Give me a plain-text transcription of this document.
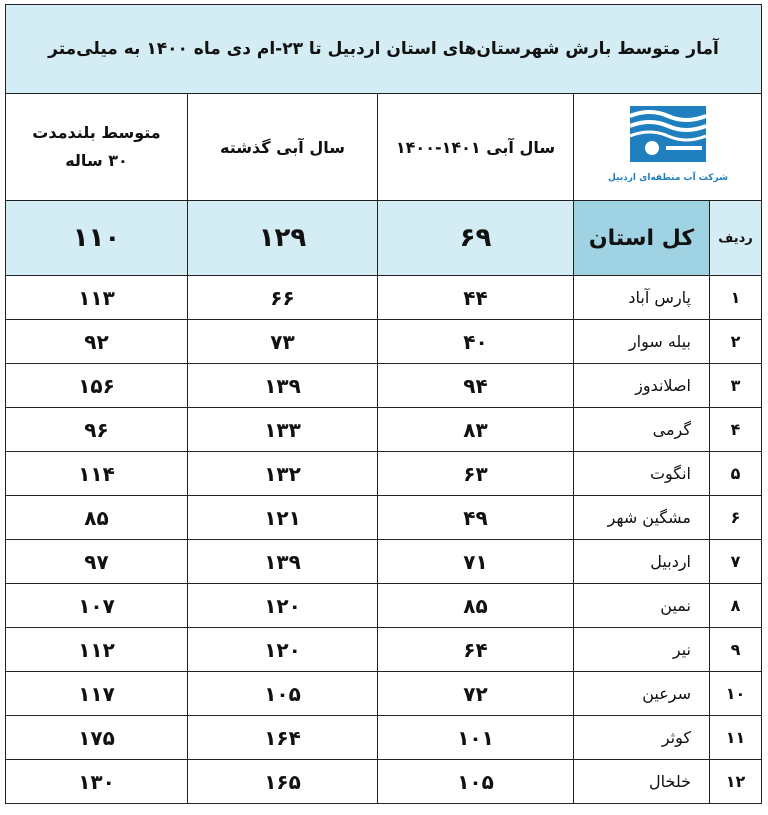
آمار متوسط بارش شهرستان‌های استان اردبیل تا ۲۳-ام دی ماه ۱۴۰۰ به میلی‌متر				

شرکت آب منطقه‌ای اردبیل		سال آبی ۱۴۰۱-۱۴۰۰	سال آبی گذشته	متوسط بلندمدت
۳۰ ساله

ردیف	کل استان	۶۹	۱۲۹	۱۱۰
۱	پارس آباد	۴۴	۶۶	۱۱۳
۲	بیله سوار	۴۰	۷۳	۹۲
۳	اصلاندوز	۹۴	۱۳۹	۱۵۶
۴	گرمی	۸۳	۱۳۳	۹۶
۵	انگوت	۶۳	۱۳۲	۱۱۴
۶	مشگین شهر	۴۹	۱۲۱	۸۵
۷	اردبیل	۷۱	۱۳۹	۹۷
۸	نمین	۸۵	۱۲۰	۱۰۷
۹	نیر	۶۴	۱۲۰	۱۱۲
۱۰	سرعین	۷۲	۱۰۵	۱۱۷
۱۱	کوثر	۱۰۱	۱۶۴	۱۷۵
۱۲	خلخال	۱۰۵	۱۶۵	۱۳۰
